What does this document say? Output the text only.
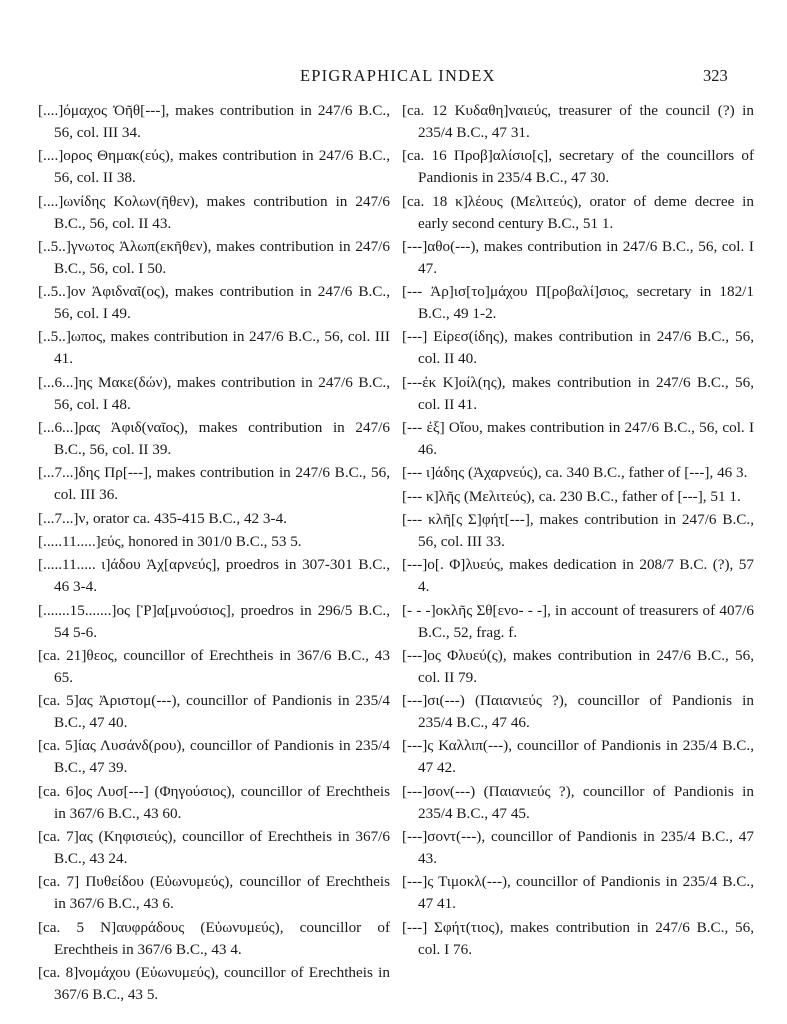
EPIGRAPHICAL INDEX	323

[....]όμαχος Ὀῆθ[---], makes contribution in 247/6 B.C., 56, col. III 34.

[....]ορος Θημακ(εύς), makes contribution in 247/6 B.C., 56, col. II 38.

[....]ωνίδης Κολων(ῆθεν), makes contribution in 247/6 B.C., 56, col. II 43.

[..5..]γνωτος Ἀλωπ(εκῆθεν), makes contribution in 247/6 B.C., 56, col. I 50.

[..5..]ον Ἀφιδναῖ(ος), makes contribution in 247/6 B.C., 56, col. I 49.

[..5..]ωπος, makes contribution in 247/6 B.C., 56, col. III 41.

[...6...]ης Μακε(δών), makes contribution in 247/6 B.C., 56, col. I 48.

[...6...]ρας Ἀφιδ(ναῖος), makes contribution in 247/6 B.C., 56, col. II 39.

[...7...]δης Πρ[---], makes contribution in 247/6 B.C., 56, col. III 36.

[...7...]ν, orator ca. 435-415 B.C., 42 3-4.

[.....11.....]εύς, honored in 301/0 B.C., 53 5.

[.....11..... ι]άδου Ἀχ[αρνεύς], proedros in 307-301 B.C., 46 3-4.

[.......15.......]ος [Ῥ]α[μνούσιος], proedros in 296/5 B.C., 54 5-6.

[ca. 21]θεος, councillor of Erechtheis in 367/6 B.C., 43 65.

[ca. 5]ας Ἀριστομ(---), councillor of Pandionis in 235/4 B.C., 47 40.

[ca. 5]ίας Λυσάνδ(ρου), councillor of Pandionis in 235/4 B.C., 47 39.

[ca. 6]ος Λυσ[---] (Φηγούσιος), councillor of Erechtheis in 367/6 B.C., 43 60.

[ca. 7]ας (Κηφισιεύς), councillor of Erechtheis in 367/6 B.C., 43 24.

[ca. 7] Πυθείδου (Εὐωνυμεύς), councillor of Erechtheis in 367/6 B.C., 43 6.

[ca. 5 N]αυφράδους (Εὐωνυμεύς), councillor of Erechtheis in 367/6 B.C., 43 4.

[ca. 8]νομάχου (Εὐωνυμεύς), councillor of Erechtheis in 367/6 B.C., 43 5.

[ca. 12 Κυδαθη]ναιεύς, treasurer of the council (?) in 235/4 B.C., 47 31.

[ca. 16 Προβ]αλίσιο[ς], secretary of the councillors of Pandionis in 235/4 B.C., 47 30.

[ca. 18 κ]λέους (Μελιτεύς), orator of deme decree in early second century B.C., 51 1.

[---]αθο(---), makes contribution in 247/6 B.C., 56, col. I 47.

[--- Ἀρ]ισ[το]μάχου Π[ροβαλί]σιος, secretary in 182/1 B.C., 49 1-2.

[---] Εἰρεσ(ίδης), makes contribution in 247/6 B.C., 56, col. II 40.

[---ἐκ Κ]οίλ(ης), makes contribution in 247/6 B.C., 56, col. II 41.

[--- ἐξ] Οἴου, makes contribution in 247/6 B.C., 56, col. I 46.

[--- ι]άδης (Ἀχαρνεύς), ca. 340 B.C., father of [---], 46 3.

[--- κ]λῆς (Μελιτεύς), ca. 230 B.C., father of [---], 51 1.

[--- κλῆ[ς Σ]φήτ[---], makes contribution in 247/6 B.C., 56, col. III 33.

[---]ο[. Φ]λυεύς, makes dedication in 208/7 B.C. (?), 57 4.

[- - -]οκλῆς Σθ[ενο- - -], in account of treasurers of 407/6 B.C., 52, frag. f.

[---]ος Φλυεύ(ς), makes contribution in 247/6 B.C., 56, col. II 79.

[---]σι(---) (Παιανιεύς ?), councillor of Pandionis in 235/4 B.C., 47 46.

[---]ς Καλλιπ(---), councillor of Pandionis in 235/4 B.C., 47 42.

[---]σον(---) (Παιανιεύς ?), councillor of Pandionis in 235/4 B.C., 47 45.

[---]σοντ(---), councillor of Pandionis in 235/4 B.C., 47 43.

[---]ς Τιμοκλ(---), councillor of Pandionis in 235/4 B.C., 47 41.

[---] Σφήτ(τιος), makes contribution in 247/6 B.C., 56, col. I 76.
